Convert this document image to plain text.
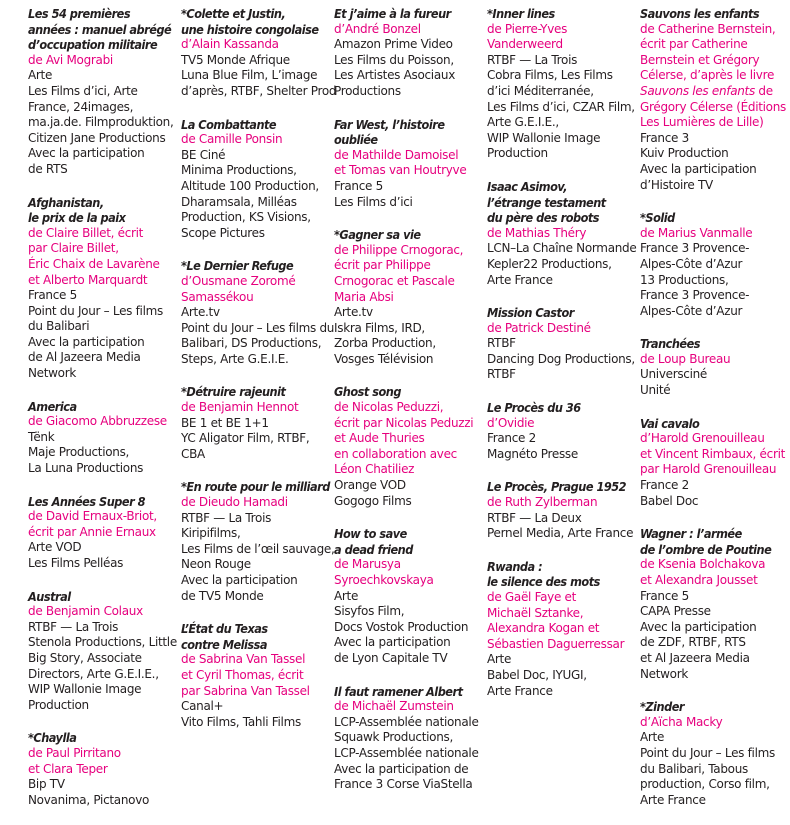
Les 54 premières
années : manuel abrégé
d’occupation militaire
de Avi Mograbi
Arte
Les Films d’ici, Arte
France, 24images,
ma.ja.de. Filmproduktion,
Citizen Jane Productions
Avec la participation
de RTS
Afghanistan,
le prix de la paix
de Claire Billet, écrit
par Claire Billet,
Éric Chaix de Lavarène
et Alberto Marquardt
France 5
Point du Jour – Les films
du Balibari
Avec la participation
de Al Jazeera Media
Network
America
de Giacomo Abbruzzese
Tënk
Maje Productions,
La Luna Productions
Les Années Super 8
de David Ernaux-Briot,
écrit par Annie Ernaux
Arte VOD
Les Films Pelléas
Austral
de Benjamin Colaux
RTBF — La Trois
Stenola Productions, Little
Big Story, Associate
Directors, Arte G.E.I.E.,
WIP Wallonie Image
Production
*Chaylla
de Paul Pirritano
et Clara Teper
Bip TV
Novanima, Pictanovo
*Colette et Justin,
une histoire congolaise
d’Alain Kassanda
TV5 Monde Afrique
Luna Blue Film, L’image
d’après, RTBF, Shelter Prod
La Combattante
de Camille Ponsin
BE Ciné
Minima Productions,
Altitude 100 Production,
Dharamsala, Milléas
Production, KS Visions,
Scope Pictures
*Le Dernier Refuge
d’Ousmane Zoromé
Samassékou
Arte.tv
Point du Jour – Les films du
Balibari, DS Productions,
Steps, Arte G.E.I.E.
*Détruire rajeunit
de Benjamin Hennot
BE 1 et BE 1+1
YC Aligator Film, RTBF,
CBA
*En route pour le milliard
de Dieudo Hamadi
RTBF — La Trois
Kiripifilms,
Les Films de l’œil sauvage,
Neon Rouge
Avec la participation
de TV5 Monde
L’État du Texas
contre Melissa
de Sabrina Van Tassel
et Cyril Thomas, écrit
par Sabrina Van Tassel
Canal+
Vito Films, Tahli Films
Et j’aime à la fureur
d’André Bonzel
Amazon Prime Video
Les Films du Poisson,
Les Artistes Asociaux
Productions
Far West, l’histoire
oubliée
de Mathilde Damoisel
et Tomas van Houtryve
France 5
Les Films d’ici
*Gagner sa vie
de Philippe Crnogorac,
écrit par Philippe
Crnogorac et Pascale
Maria Absi
Arte.tv
Iskra Films, IRD,
Zorba Production,
Vosges Télévision
Ghost song
de Nicolas Peduzzi,
écrit par Nicolas Peduzzi
et Aude Thuries
en collaboration avec
Léon Chatiliez
Orange VOD
Gogogo Films
How to save
a dead friend
de Marusya
Syroechkovskaya
Arte
Sisyfos Film,
Docs Vostok Production
Avec la participation
de Lyon Capitale TV
Il faut ramener Albert
de Michaël Zumstein
LCP-Assemblée nationale
Squawk Productions,
LCP-Assemblée nationale
Avec la participation de
France 3 Corse ViaStella
*Inner lines
de Pierre-Yves
Vanderweerd
RTBF — La Trois
Cobra Films, Les Films
d’ici Méditerranée,
Les Films d’ici, CZAR Film,
Arte G.E.I.E.,
WIP Wallonie Image
Production
Isaac Asimov,
l’étrange testament
du père des robots
de Mathias Théry
LCN–La Chaîne Normande
Kepler22 Productions,
Arte France
Mission Castor
de Patrick Destiné
RTBF
Dancing Dog Productions,
RTBF
Le Procès du 36
d’Ovidie
France 2
Magnéto Presse
Le Procès, Prague 1952
de Ruth Zylberman
RTBF — La Deux
Pernel Media, Arte France
Rwanda :
le silence des mots
de Gaël Faye et
Michaël Sztanke,
Alexandra Kogan et
Sébastien Daguerressar
Arte
Babel Doc, IYUGI,
Arte France
Sauvons les enfants
de Catherine Bernstein,
écrit par Catherine
Bernstein et Grégory
Célerse, d’après le livre
Sauvons les enfants de
Grégory Célerse (Éditions
Les Lumières de Lille)
France 3
Kuiv Production
Avec la participation
d’Histoire TV
*Solid
de Marius Vanmalle
France 3 Provence-
Alpes-Côte d’Azur
13 Productions,
France 3 Provence-
Alpes-Côte d’Azur
Tranchées
de Loup Bureau
Universciné
Unité
Vai cavalo
d’Harold Grenouilleau
et Vincent Rimbaux, écrit
par Harold Grenouilleau
France 2
Babel Doc
Wagner : l’armée
de l’ombre de Poutine
de Ksenia Bolchakova
et Alexandra Jousset
France 5
CAPA Presse
Avec la participation
de ZDF, RTBF, RTS
et Al Jazeera Media
Network
*Zinder
d’Aïcha Macky
Arte
Point du Jour – Les films
du Balibari, Tabous
production, Corso film,
Arte France
